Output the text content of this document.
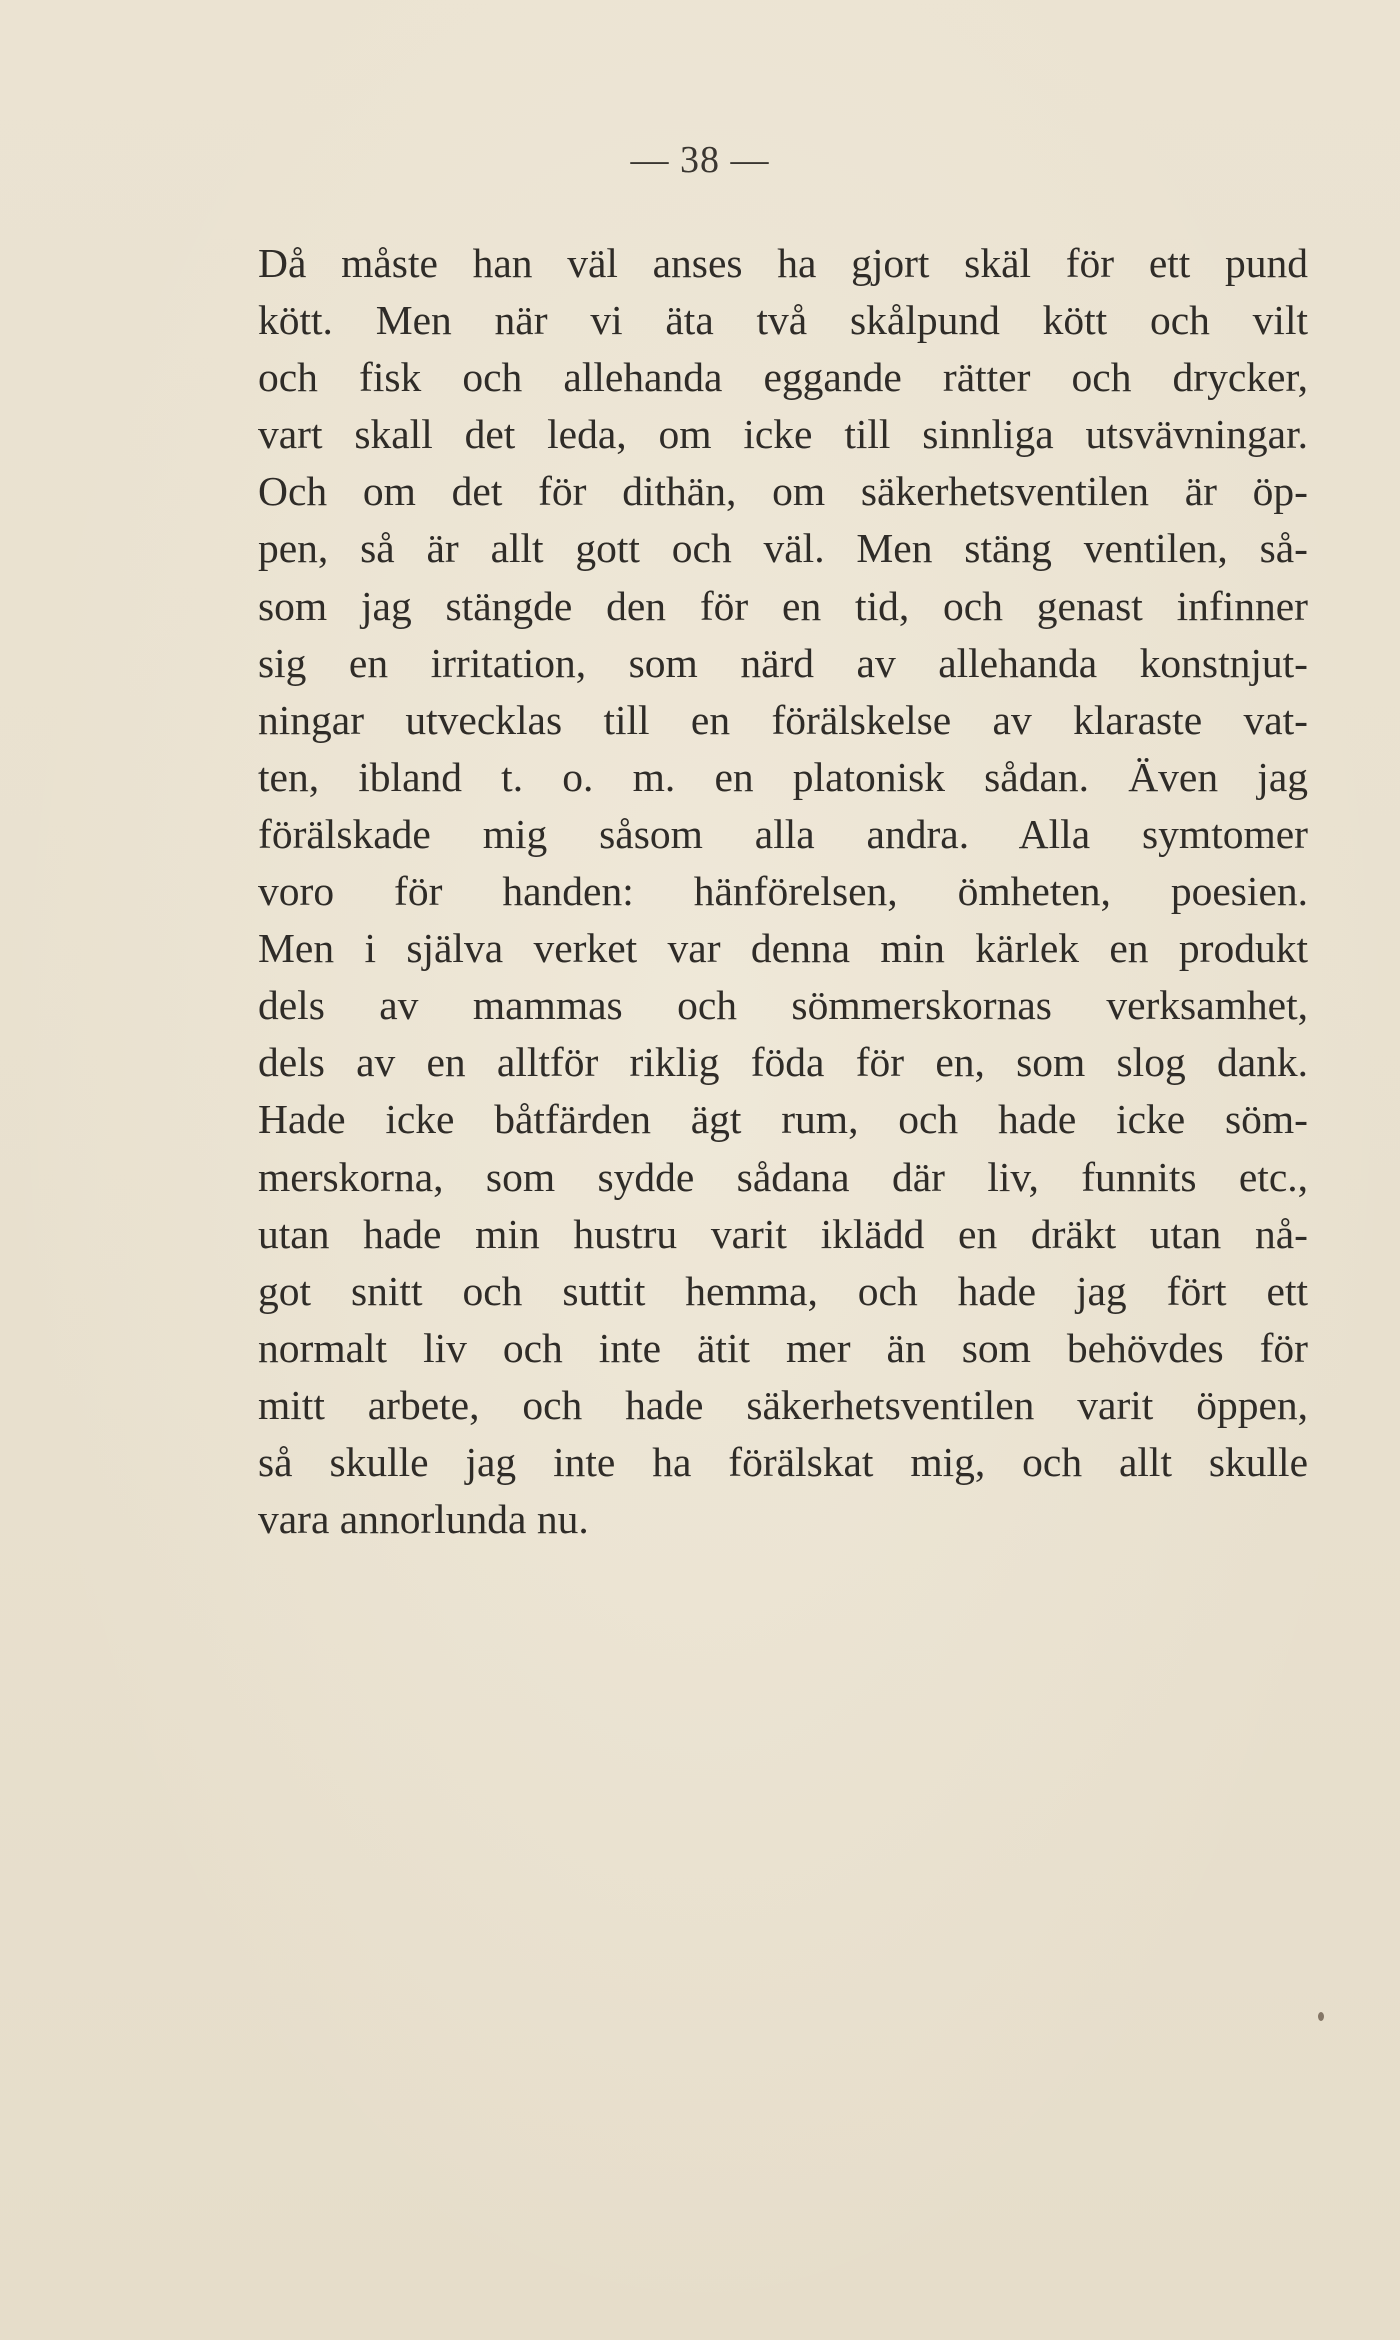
— 38 —
Då måste han väl anses ha gjort skäl för ett pund
kött. Men när vi äta två skålpund kött och vilt
och fisk och allehanda eggande rätter och drycker,
vart skall det leda, om icke till sinnliga utsvävningar.
Och om det för dithän, om säkerhetsventilen är öp-
pen, så är allt gott och väl. Men stäng ventilen, så-
som jag stängde den för en tid, och genast infinner
sig en irritation, som närd av allehanda konstnjut-
ningar utvecklas till en förälskelse av klaraste vat-
ten, ibland t. o. m. en platonisk sådan. Även jag
förälskade mig såsom alla andra. Alla symtomer
voro för handen: hänförelsen, ömheten, poesien.
Men i själva verket var denna min kärlek en produkt
dels av mammas och sömmerskornas verksamhet,
dels av en alltför riklig föda för en, som slog dank.
Hade icke båtfärden ägt rum, och hade icke söm-
merskorna, som sydde sådana där liv, funnits etc.,
utan hade min hustru varit iklädd en dräkt utan nå-
got snitt och suttit hemma, och hade jag fört ett
normalt liv och inte ätit mer än som behövdes för
mitt arbete, och hade säkerhetsventilen varit öppen,
så skulle jag inte ha förälskat mig, och allt skulle
vara annorlunda nu.
